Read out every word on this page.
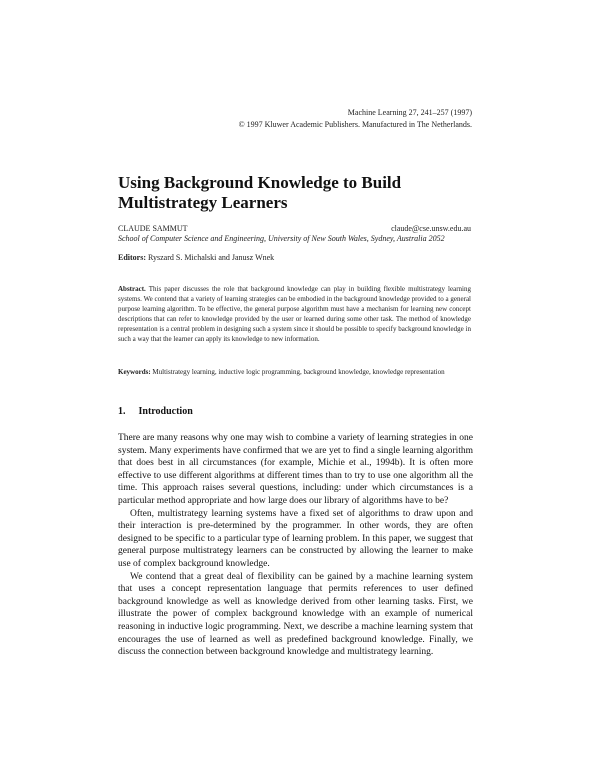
Machine Learning 27, 241–257 (1997)
© 1997 Kluwer Academic Publishers. Manufactured in The Netherlands.
Using Background Knowledge to Build
Multistrategy Learners
CLAUDE SAMMUT	claude@cse.unsw.edu.au
School of Computer Science and Engineering, University of New South Wales, Sydney, Australia 2052
Editors: Ryszard S. Michalski and Janusz Wnek
Abstract. This paper discusses the role that background knowledge can play in building flexible multistrategy learning systems. We contend that a variety of learning strategies can be embodied in the background knowledge provided to a general purpose learning algorithm. To be effective, the general purpose algorithm must have a mechanism for learning new concept descriptions that can refer to knowledge provided by the user or learned during some other task. The method of knowledge representation is a central problem in designing such a system since it should be possible to specify background knowledge in such a way that the learner can apply its knowledge to new information.
Keywords: Multistrategy learning, inductive logic programming, background knowledge, knowledge representation
1. Introduction

There are many reasons why one may wish to combine a variety of learning strategies in one system. Many experiments have confirmed that we are yet to find a single learning algorithm that does best in all circumstances (for example, Michie et al., 1994b). It is often more effective to use different algorithms at different times than to try to use one algorithm all the time. This approach raises several questions, including: under which circumstances is a particular method appropriate and how large does our library of algorithms have to be?

Often, multistrategy learning systems have a fixed set of algorithms to draw upon and their interaction is pre-determined by the programmer. In other words, they are often designed to be specific to a particular type of learning problem. In this paper, we suggest that general purpose multistrategy learners can be constructed by allowing the learner to make use of complex background knowledge.

We contend that a great deal of flexibility can be gained by a machine learning system that uses a concept representation language that permits references to user defined background knowledge as well as knowledge derived from other learning tasks. First, we illustrate the power of complex background knowledge with an example of numerical reasoning in inductive logic programming. Next, we describe a machine learning system that encourages the use of learned as well as predefined background knowledge. Finally, we discuss the connection between background knowledge and multistrategy learning.
